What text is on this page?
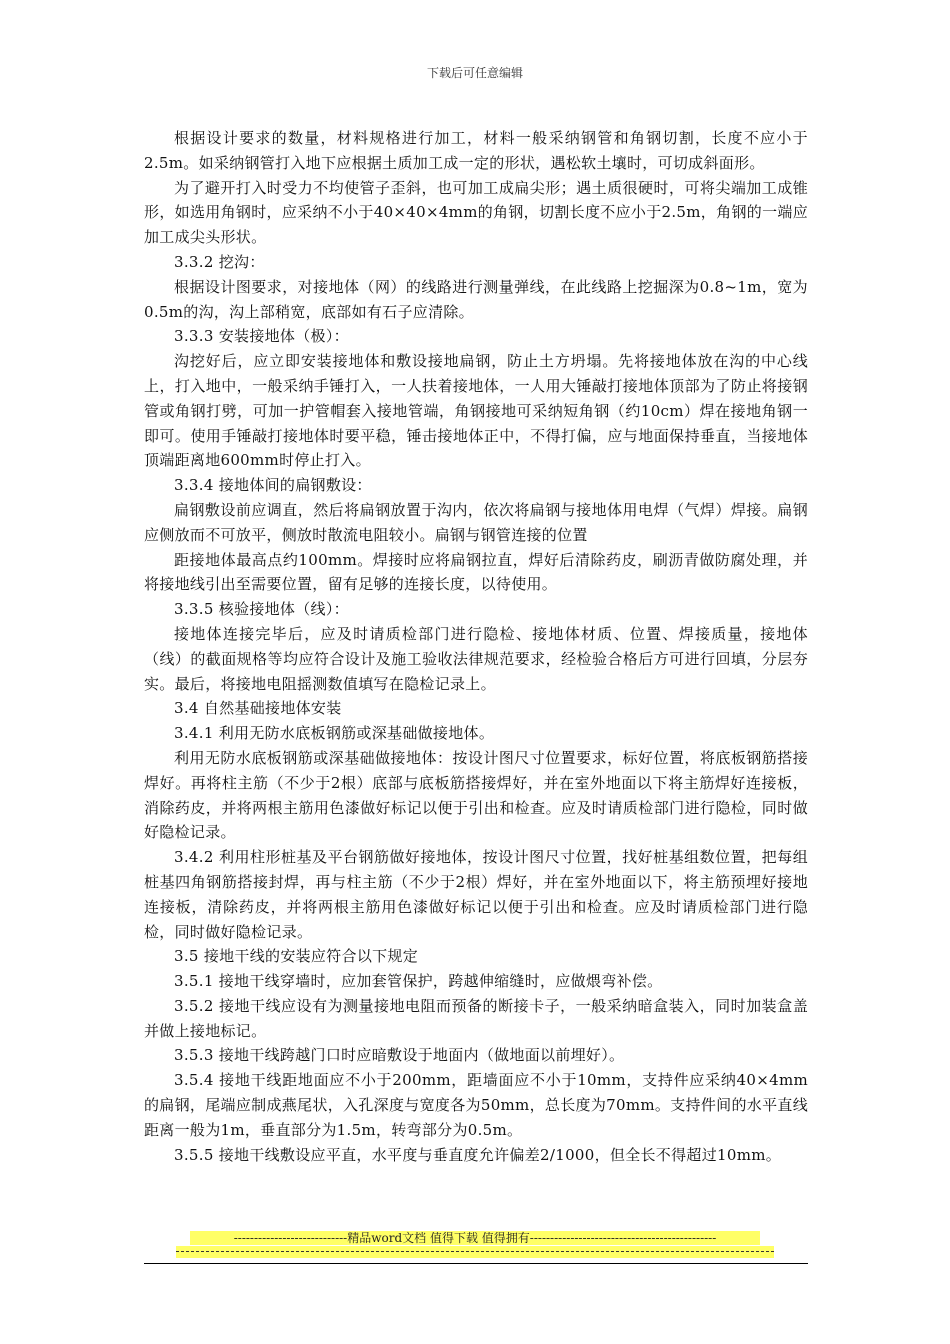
下载后可任意编辑

根据设计要求的数量，材料规格进行加工，材料一般采纳钢管和角钢切割，长度不应小于2.5m。如采纳钢管打入地下应根据土质加工成一定的形状，遇松软土壤时，可切成斜面形。

为了避开打入时受力不均使管子歪斜，也可加工成扁尖形；遇土质很硬时，可将尖端加工成锥形，如选用角钢时，应采纳不小于40×40×4mm的角钢，切割长度不应小于2.5m，角钢的一端应加工成尖头形状。

3.3.2 挖沟：

根据设计图要求，对接地体（网）的线路进行测量弹线，在此线路上挖掘深为0.8~1m，宽为0.5m的沟，沟上部稍宽，底部如有石子应清除。

3.3.3 安装接地体（极）：

沟挖好后，应立即安装接地体和敷设接地扁钢，防止土方坍塌。先将接地体放在沟的中心线上，打入地中，一般采纳手锤打入，一人扶着接地体，一人用大锤敲打接地体顶部为了防止将接钢管或角钢打劈，可加一护管帽套入接地管端，角钢接地可采纳短角钢（约10cm）焊在接地角钢一即可。使用手锤敲打接地体时要平稳，锤击接地体正中，不得打偏，应与地面保持垂直，当接地体顶端距离地600mm时停止打入。

3.3.4 接地体间的扁钢敷设：

扁钢敷设前应调直，然后将扁钢放置于沟内，依次将扁钢与接地体用电焊（气焊）焊接。扁钢应侧放而不可放平，侧放时散流电阻较小。扁钢与钢管连接的位置

距接地体最高点约100mm。焊接时应将扁钢拉直，焊好后清除药皮，刷沥青做防腐处理，并将接地线引出至需要位置，留有足够的连接长度，以待使用。

3.3.5 核验接地体（线）：

接地体连接完毕后，应及时请质检部门进行隐检、接地体材质、位置、焊接质量，接地体（线）的截面规格等均应符合设计及施工验收法律规范要求，经检验合格后方可进行回填，分层夯实。最后，将接地电阻摇测数值填写在隐检记录上。

3.4 自然基础接地体安装

3.4.1 利用无防水底板钢筋或深基础做接地体。

利用无防水底板钢筋或深基础做接地体：按设计图尺寸位置要求，标好位置，将底板钢筋搭接焊好。再将柱主筋（不少于2根）底部与底板筋搭接焊好，并在室外地面以下将主筋焊好连接板，消除药皮，并将两根主筋用色漆做好标记以便于引出和检查。应及时请质检部门进行隐检，同时做好隐检记录。

3.4.2 利用柱形桩基及平台钢筋做好接地体，按设计图尺寸位置，找好桩基组数位置，把每组桩基四角钢筋搭接封焊，再与柱主筋（不少于2根）焊好，并在室外地面以下，将主筋预埋好接地连接板，清除药皮，并将两根主筋用色漆做好标记以便于引出和检查。应及时请质检部门进行隐检，同时做好隐检记录。

3.5 接地干线的安装应符合以下规定

3.5.1 接地干线穿墙时，应加套管保护，跨越伸缩缝时，应做煨弯补偿。

3.5.2 接地干线应设有为测量接地电阻而预备的断接卡子，一般采纳暗盒装入，同时加装盒盖并做上接地标记。

3.5.3 接地干线跨越门口时应暗敷设于地面内（做地面以前埋好）。

3.5.4 接地干线距地面应不小于200mm，距墙面应不小于10mm，支持件应采纳40×4mm的扁钢，尾端应制成燕尾状，入孔深度与宽度各为50mm，总长度为70mm。支持件间的水平直线距离一般为1m，垂直部分为1.5m，转弯部分为0.5m。

3.5.5 接地干线敷设应平直，水平度与垂直度允许偏差2/1000，但全长不得超过10mm。

----------------------------精品word文档 值得下载 值得拥有----------------------------------------------
